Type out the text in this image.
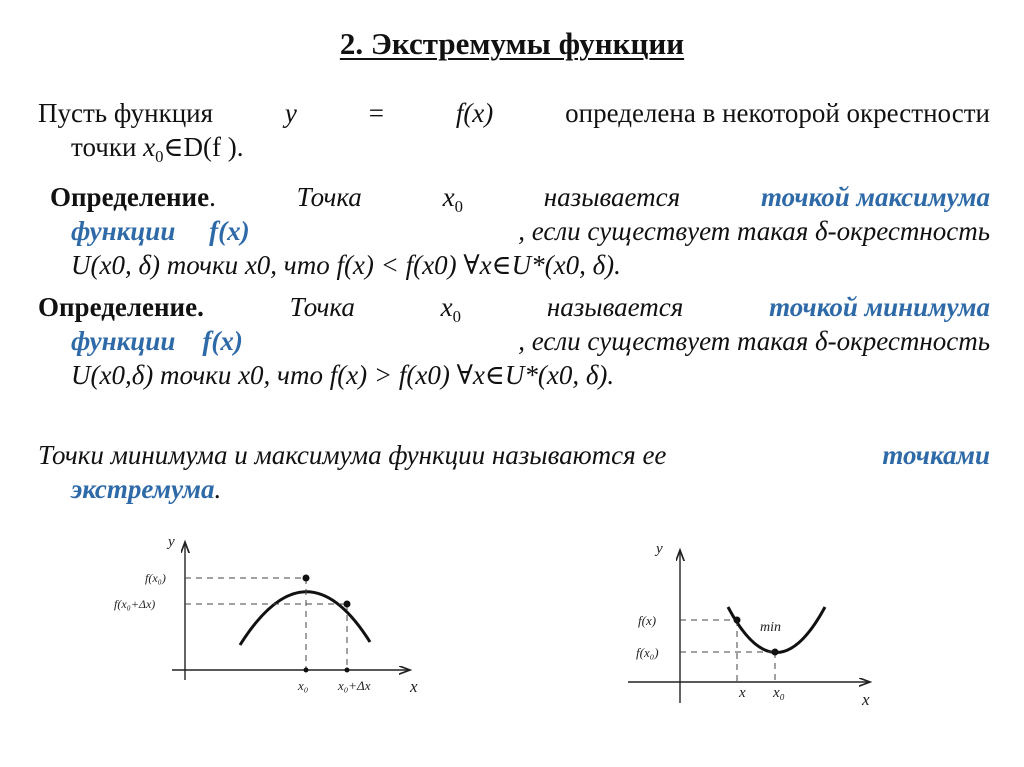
2. Экстремумы функции
Пусть функция	y	=	f(x)	определена в некоторой окрестности
точки $x_0\in D(f$ ).
Определение.	Точка	$x_0$	называется	точкой максимума
функции f(x)	, если существует такая δ-окрестность
U(x0, δ) точки x0, что f(x) < f(x0) ∀x∈U*(x0, δ).
Определение.	Точка	$x_0$	называется	точкой минимума
функции f(x)	, если существует такая δ-окрестность
U(x0,δ) точки x0, что f(x) > f(x0) ∀x∈U*(x0, δ).
Точки минимума и максимума функции называются ее	точками
экстремума.
y
x
f(x₀)
f(x₀+Δx)
x₀ x₀+Δx
y
x
f(x)
f(x₀)
min
x x₀
